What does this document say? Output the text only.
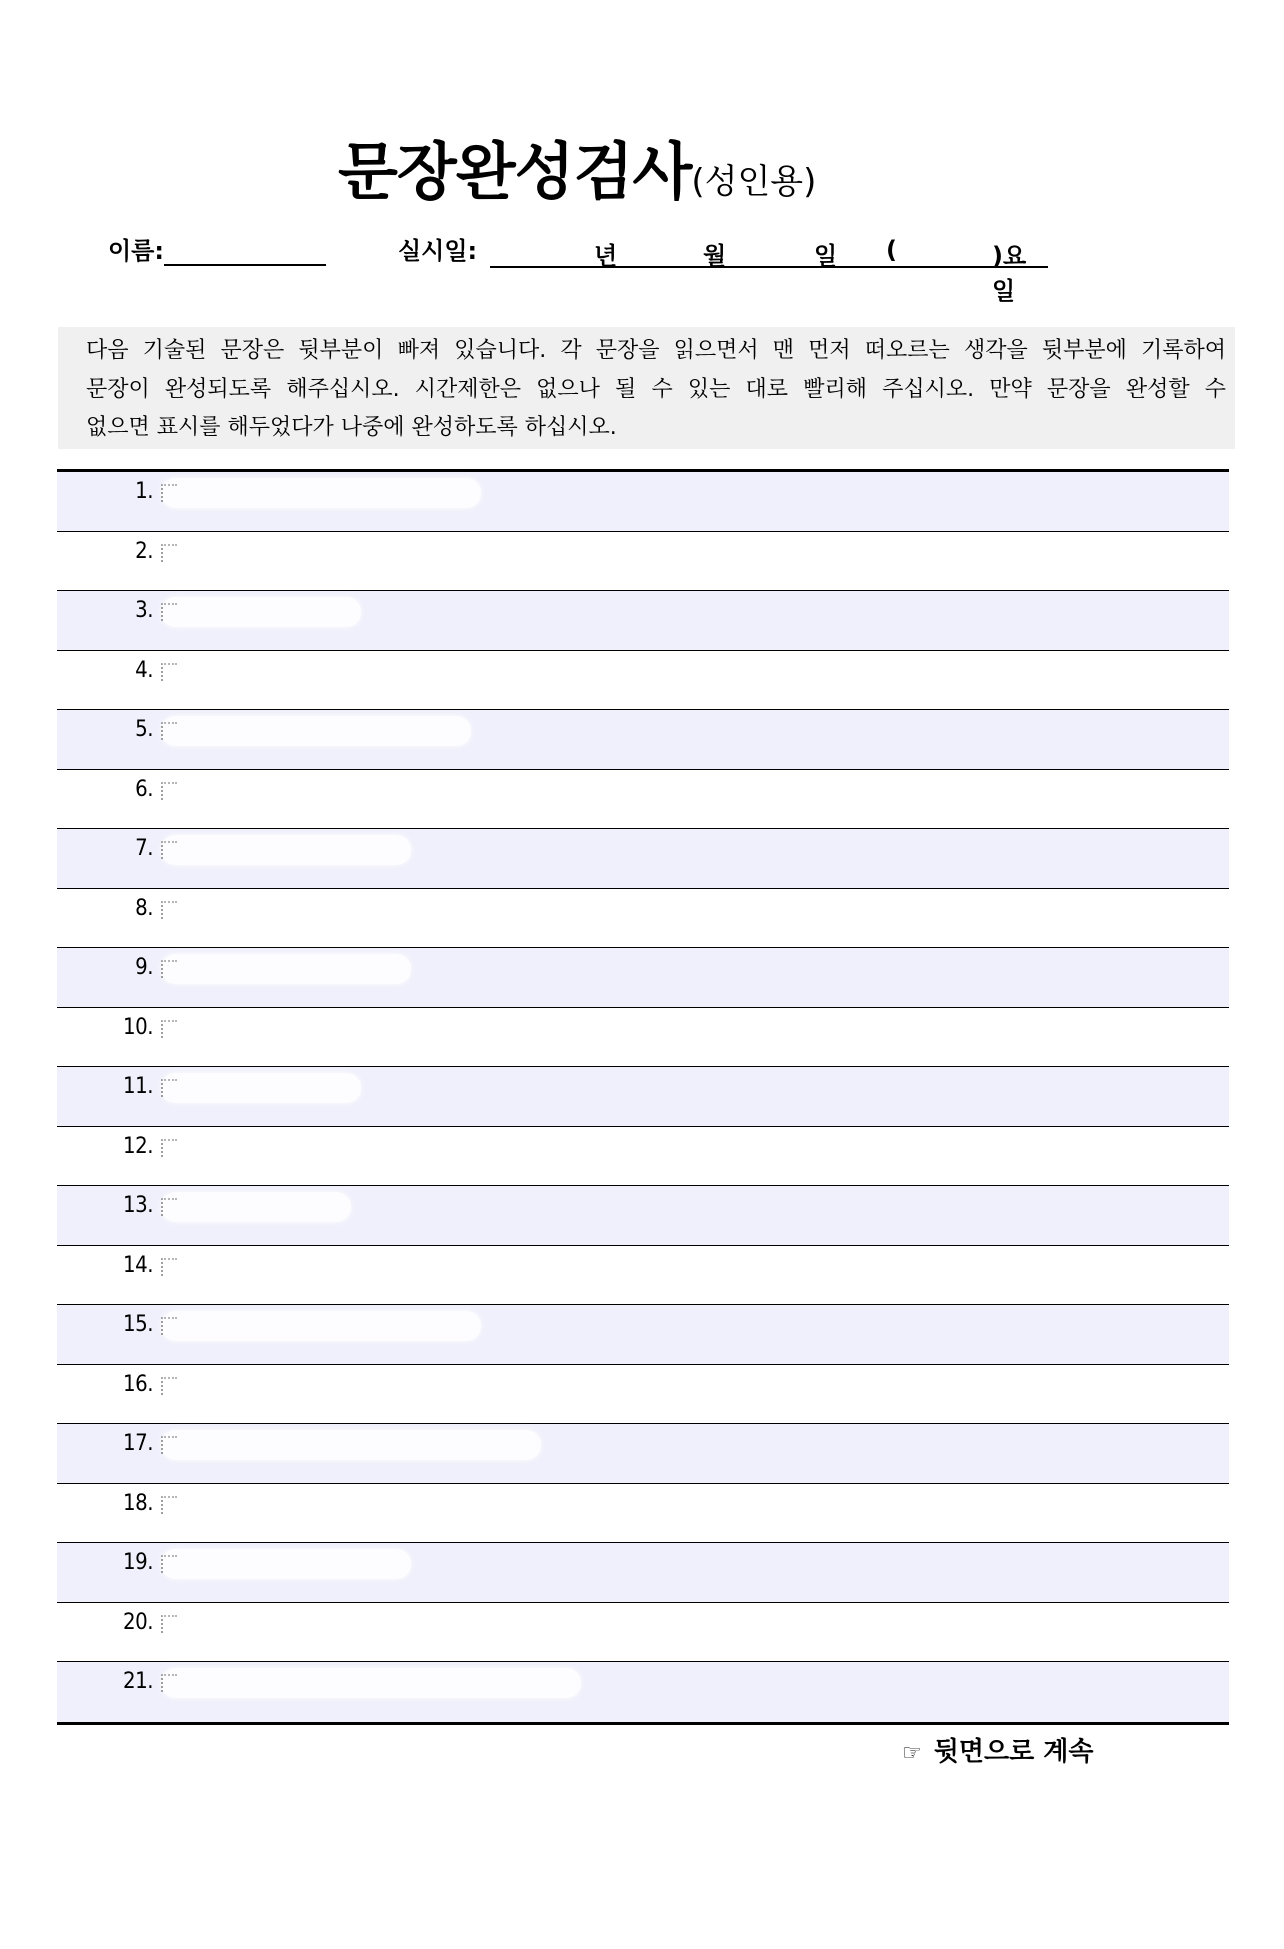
문장완성검사(성인용)
이름:	실시일:	년	월	일 (	)요일

다음 기술된 문장은 뒷부분이 빠져 있습니다. 각 문장을 읽으면서 맨 먼저 떠오르는 생각을 뒷부분에 기록하여

문장이 완성되도록 해주십시오. 시간제한은 없으나 될 수 있는 대로 빨리해 주십시오. 만약 문장을 완성할 수

없으면 표시를 해두었다가 나중에 완성하도록 하십시오.

1.
2.
3.
4.
5.
6.
7.
8.
9.
10.
11.
12.
13.
14.
15.
16.
17.
18.
19.
20.
21.
☞ 뒷면으로 계속
